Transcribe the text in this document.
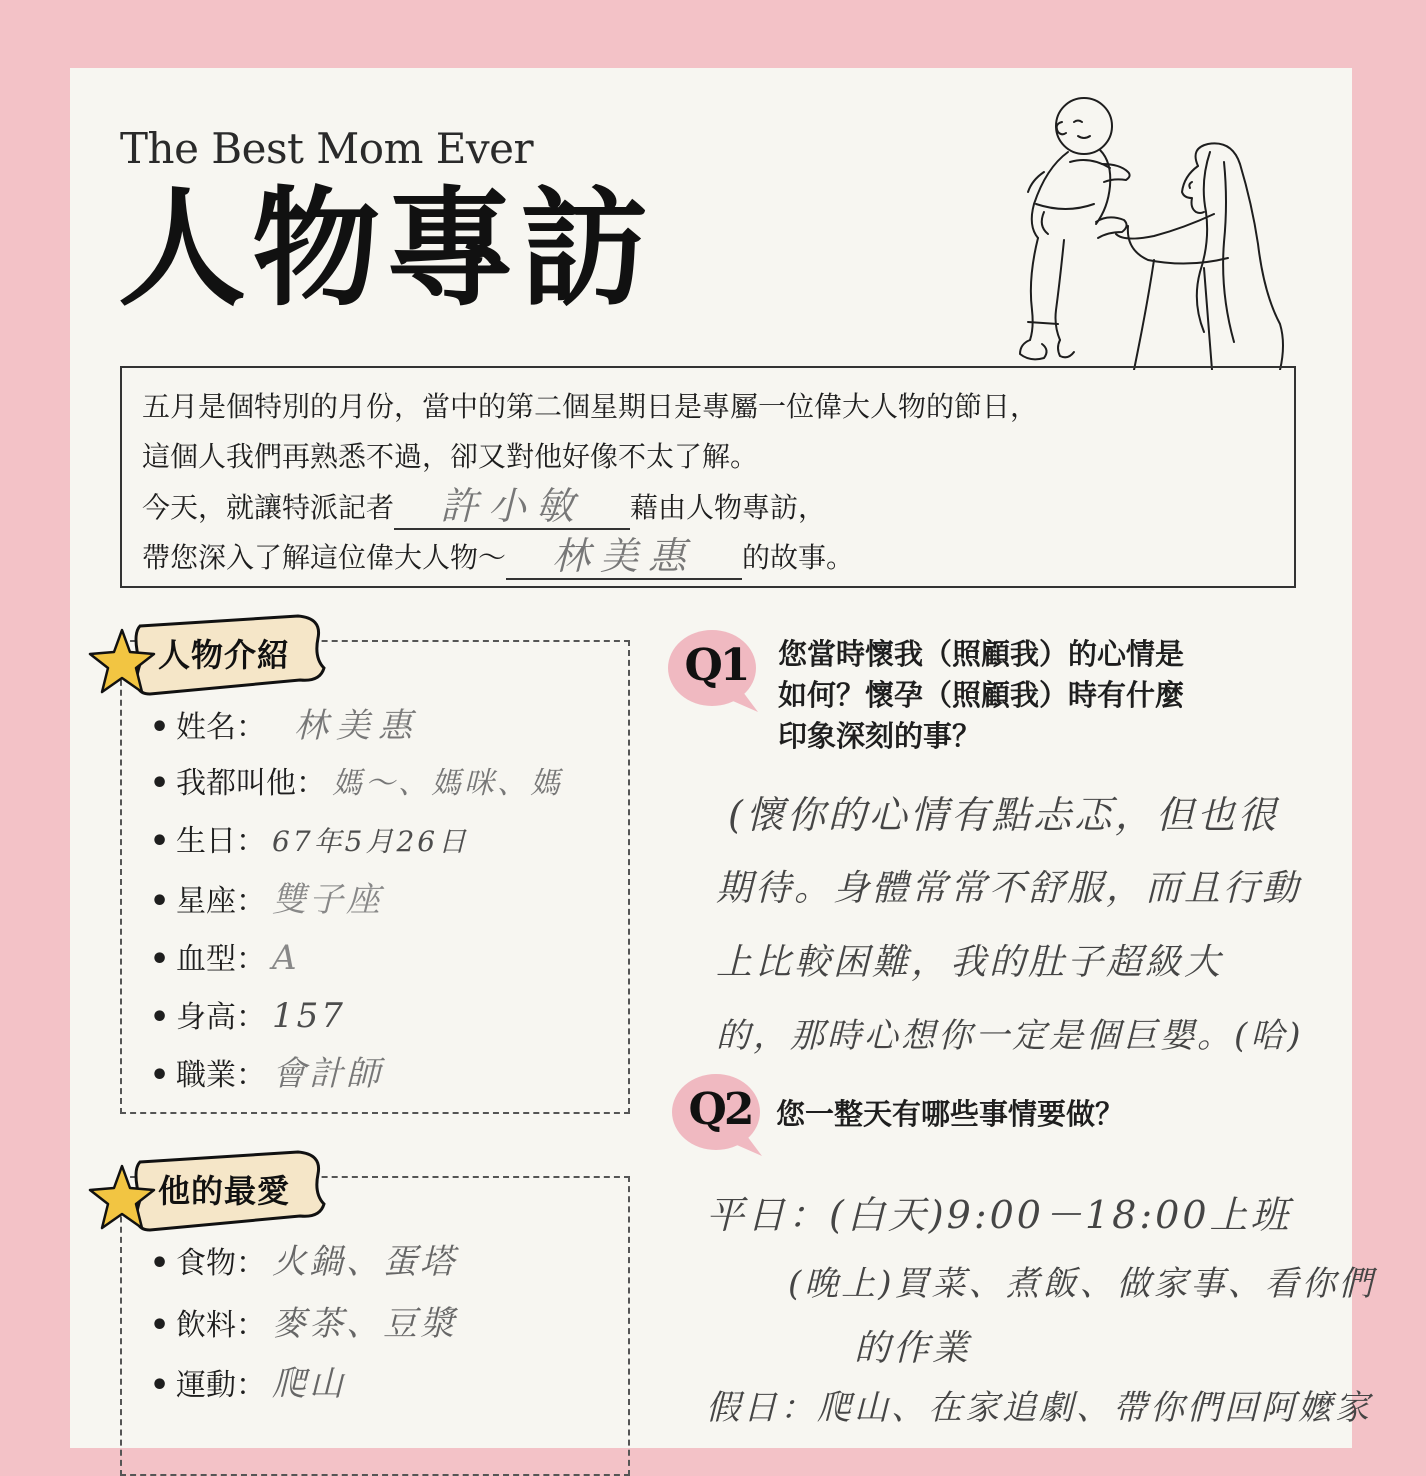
The Best Mom Ever
人物專訪
五月是個特別的月份，當中的第二個星期日是專屬一位偉大人物的節日，
這個人我們再熟悉不過，卻又對他好像不太了解。
今天，就讓特派記者 許小敏 藉由人物專訪，
帶您深入了解這位偉大人物～ 林美惠 的故事。
• 姓名： 林美惠
• 我都叫他： 媽～、媽咪、媽
• 生日： 67年5月26日
• 星座： 雙子座
• 血型： A
• 身高： 157
• 職業： 會計師
人物介紹
• 食物： 火鍋、蛋塔
• 飲料： 麥茶、豆漿
• 運動： 爬山
他的最愛
Q1 您當時懷我（照顧我）的心情是
如何？懷孕（照顧我）時有什麼
印象深刻的事？
(懷你的心情有點忐忑，但也很
期待。身體常常不舒服，而且行動
上比較困難，我的肚子超級大
的，那時心想你一定是個巨嬰。(哈)
Q2 您一整天有哪些事情要做？
平日：(白天)9:00－18:00上班
(晚上)買菜、煮飯、做家事、看你們
的作業
假日：爬山、在家追劇、帶你們回阿嬤家
